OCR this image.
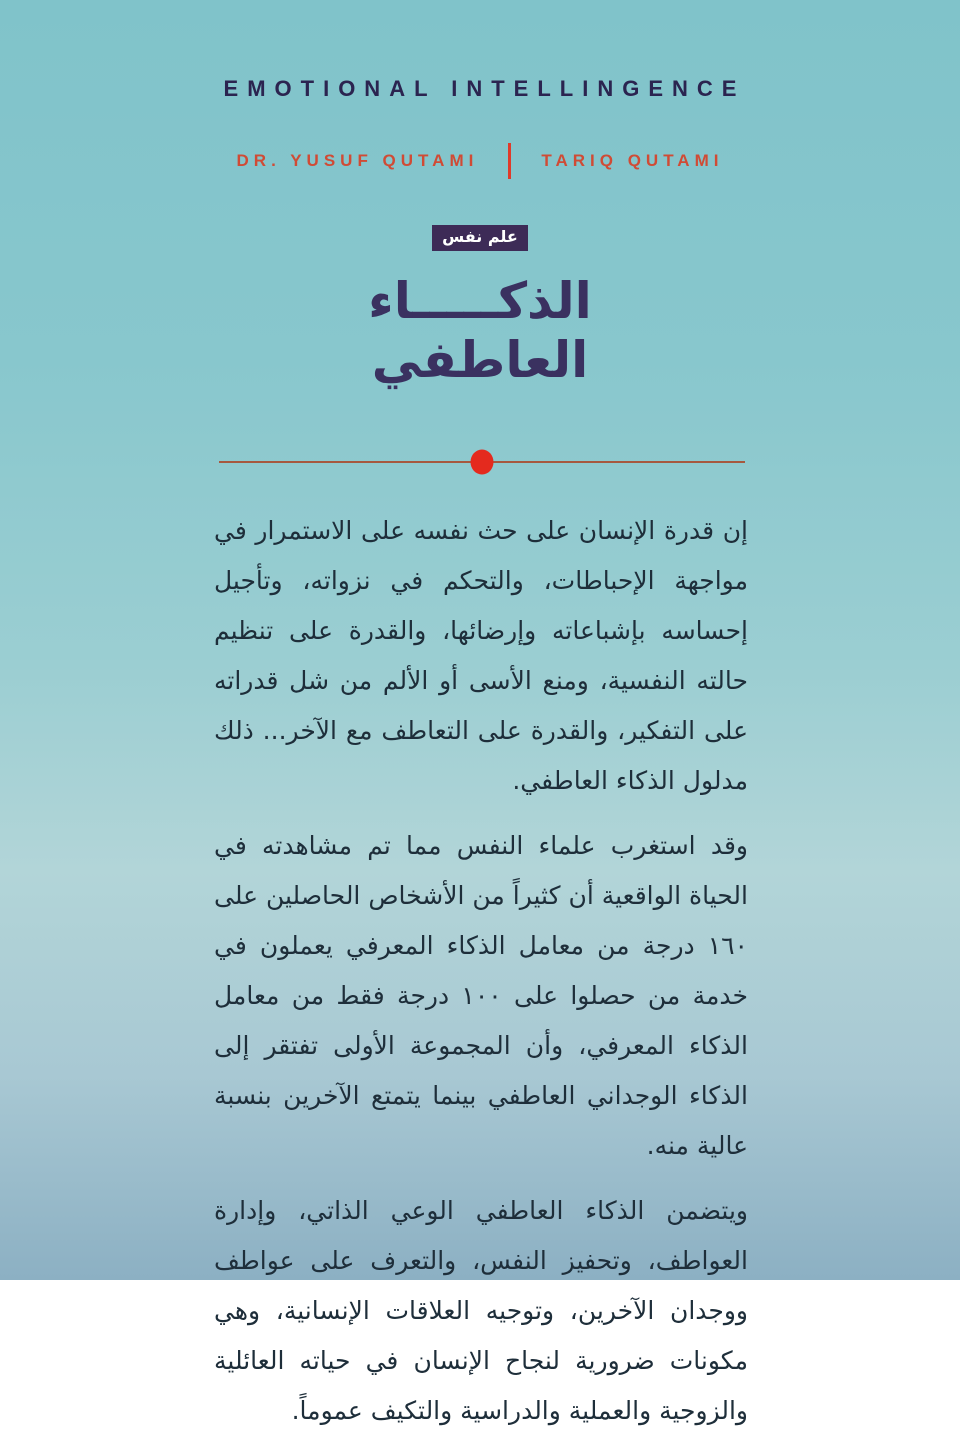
EMOTIONAL INTELLINGENCE
DR. YUSUF QUTAMI	TARIQ QUTAMI
علم نفس
الذكـــــاء
العاطفي

إن قدرة الإنسان على حث نفسه على الاستمرار في مواجهة الإحباطات، والتحكم في نزواته، وتأجيل إحساسه بإشباعاته وإرضائها، والقدرة على تنظيم حالته النفسية، ومنع الأسى أو الألم من شل قدراته على التفكير، والقدرة على التعاطف مع الآخر... ذلك مدلول الذكاء العاطفي.

وقد استغرب علماء النفس مما تم مشاهدته في الحياة الواقعية أن كثيراً من الأشخاص الحاصلين على ١٦٠ درجة من معامل الذكاء المعرفي يعملون في خدمة من حصلوا على ١٠٠ درجة فقط من معامل الذكاء المعرفي، وأن المجموعة الأولى تفتقر إلى الذكاء الوجداني العاطفي بينما يتمتع الآخرين بنسبة عالية منه.

ويتضمن الذكاء العاطفي الوعي الذاتي، وإدارة العواطف، وتحفيز النفس، والتعرف على عواطف ووجدان الآخرين، وتوجيه العلاقات الإنسانية، وهي مكونات ضرورية لنجاح الإنسان في حياته العائلية والزوجية والعملية والدراسية والتكيف عموماً.
